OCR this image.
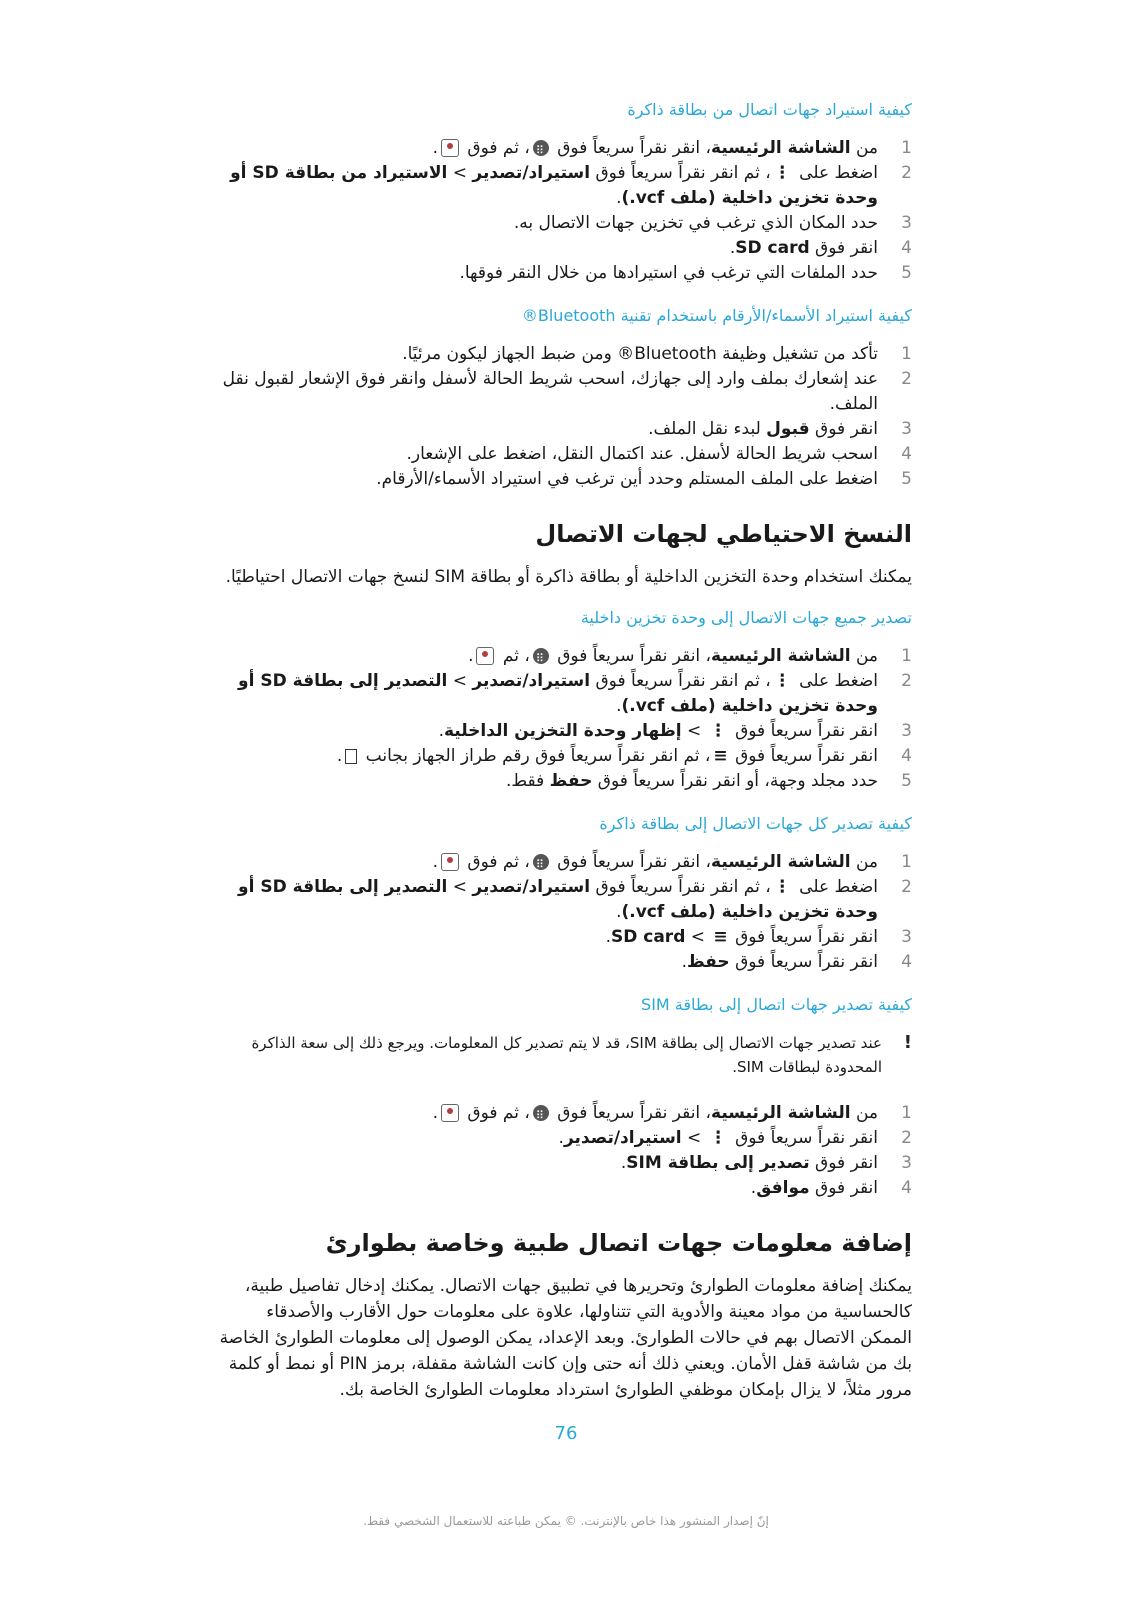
كيفية استيراد جهات اتصال من بطاقة ذاكرة
1
من الشاشة الرئيسية، انقر نقراً سريعاً فوق ⠿، ثم فوق .
2
اضغط على ⋮، ثم انقر نقراً سريعاً فوق استيراد/تصدير > الاستيراد من بطاقة SD أو وحدة تخزين داخلية (ملف vcf.).
3
حدد المكان الذي ترغب في تخزين جهات الاتصال به.
4
انقر فوق SD card.
5
حدد الملفات التي ترغب في استيرادها من خلال النقر فوقها.
كيفية استيراد الأسماء/الأرقام باستخدام تقنية Bluetooth®
1
تأكد من تشغيل وظيفة Bluetooth® ومن ضبط الجهاز ليكون مرئيًا.
2
عند إشعارك بملف وارد إلى جهازك، اسحب شريط الحالة لأسفل وانقر فوق الإشعار لقبول نقل الملف.
3
انقر فوق قبول لبدء نقل الملف.
4
اسحب شريط الحالة لأسفل. عند اكتمال النقل، اضغط على الإشعار.
5
اضغط على الملف المستلم وحدد أين ترغب في استيراد الأسماء/الأرقام.
النسخ الاحتياطي لجهات الاتصال
يمكنك استخدام وحدة التخزين الداخلية أو بطاقة ذاكرة أو بطاقة SIM لنسخ جهات الاتصال احتياطيًا.
تصدير جميع جهات الاتصال إلى وحدة تخزين داخلية
1
من الشاشة الرئيسية، انقر نقراً سريعاً فوق ⠿، ثم .
2
اضغط على ⋮، ثم انقر نقراً سريعاً فوق استيراد/تصدير > التصدير إلى بطاقة SD أو وحدة تخزين داخلية (ملف vcf.).
3
انقر نقراً سريعاً فوق ⋮ > إظهار وحدة التخزين الداخلية.
4
انقر نقراً سريعاً فوق ≡، ثم انقر نقراً سريعاً فوق رقم طراز الجهاز بجانب .
5
حدد مجلد وجهة، أو انقر نقراً سريعاً فوق حفظ فقط.
كيفية تصدير كل جهات الاتصال إلى بطاقة ذاكرة
1
من الشاشة الرئيسية، انقر نقراً سريعاً فوق ⠿، ثم فوق .
2
اضغط على ⋮، ثم انقر نقراً سريعاً فوق استيراد/تصدير > التصدير إلى بطاقة SD أو وحدة تخزين داخلية (ملف vcf.).
3
انقر نقراً سريعاً فوق ≡ > SD card.
4
انقر نقراً سريعاً فوق حفظ.
كيفية تصدير جهات اتصال إلى بطاقة SIM
!
عند تصدير جهات الاتصال إلى بطاقة SIM، قد لا يتم تصدير كل المعلومات. ويرجع ذلك إلى سعة الذاكرة المحدودة لبطاقات SIM.
1
من الشاشة الرئيسية، انقر نقراً سريعاً فوق ⠿، ثم فوق .
2
انقر نقراً سريعاً فوق ⋮ > استيراد/تصدير.
3
انقر فوق تصدير إلى بطاقة SIM.
4
انقر فوق موافق.
إضافة معلومات جهات اتصال طبية وخاصة بطوارئ
يمكنك إضافة معلومات الطوارئ وتحريرها في تطبيق جهات الاتصال. يمكنك إدخال تفاصيل طبية، كالحساسية من مواد معينة والأدوية التي تتناولها، علاوة على معلومات حول الأقارب والأصدقاء الممكن الاتصال بهم في حالات الطوارئ. وبعد الإعداد، يمكن الوصول إلى معلومات الطوارئ الخاصة بك من شاشة قفل الأمان. ويعني ذلك أنه حتى وإن كانت الشاشة مقفلة، برمز PIN أو نمط أو كلمة مرور مثلاً، لا يزال بإمكان موظفي الطوارئ استرداد معلومات الطوارئ الخاصة بك.
76
إنّ إصدار المنشور هذا خاص بالإنترنت. © يمكن طباعته للاستعمال الشخصي فقط.
